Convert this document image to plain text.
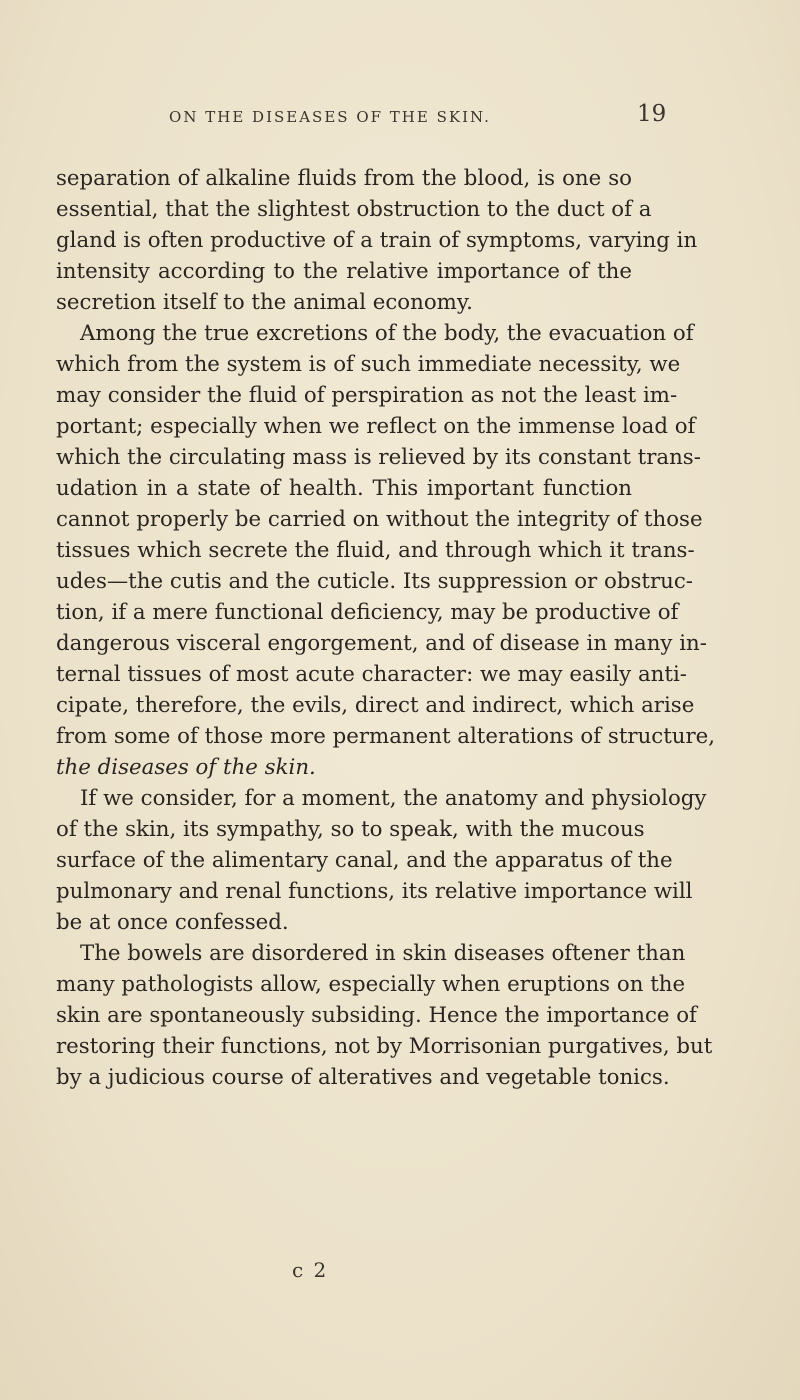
ON THE DISEASES OF THE SKIN.	19
separation of alkaline fluids from the blood, is one so
essential, that the slightest obstruction to the duct of a
gland is often productive of a train of symptoms, varying in
intensity according to the relative importance of the
secretion itself to the animal economy.
Among the true excretions of the body, the evacuation of
which from the system is of such immediate necessity, we
may consider the fluid of perspiration as not the least im-
portant; especially when we reflect on the immense load of
which the circulating mass is relieved by its constant trans-
udation in a state of health. This important function
cannot properly be carried on without the integrity of those
tissues which secrete the fluid, and through which it trans-
udes—the cutis and the cuticle. Its suppression or obstruc-
tion, if a mere functional deficiency, may be productive of
dangerous visceral engorgement, and of disease in many in-
ternal tissues of most acute character: we may easily anti-
cipate, therefore, the evils, direct and indirect, which arise
from some of those more permanent alterations of structure,
the diseases of the skin.
If we consider, for a moment, the anatomy and physiology
of the skin, its sympathy, so to speak, with the mucous
surface of the alimentary canal, and the apparatus of the
pulmonary and renal functions, its relative importance will
be at once confessed.
The bowels are disordered in skin diseases oftener than
many pathologists allow, especially when eruptions on the
skin are spontaneously subsiding. Hence the importance of
restoring their functions, not by Morrisonian purgatives, but
by a judicious course of alteratives and vegetable tonics.
c 2
